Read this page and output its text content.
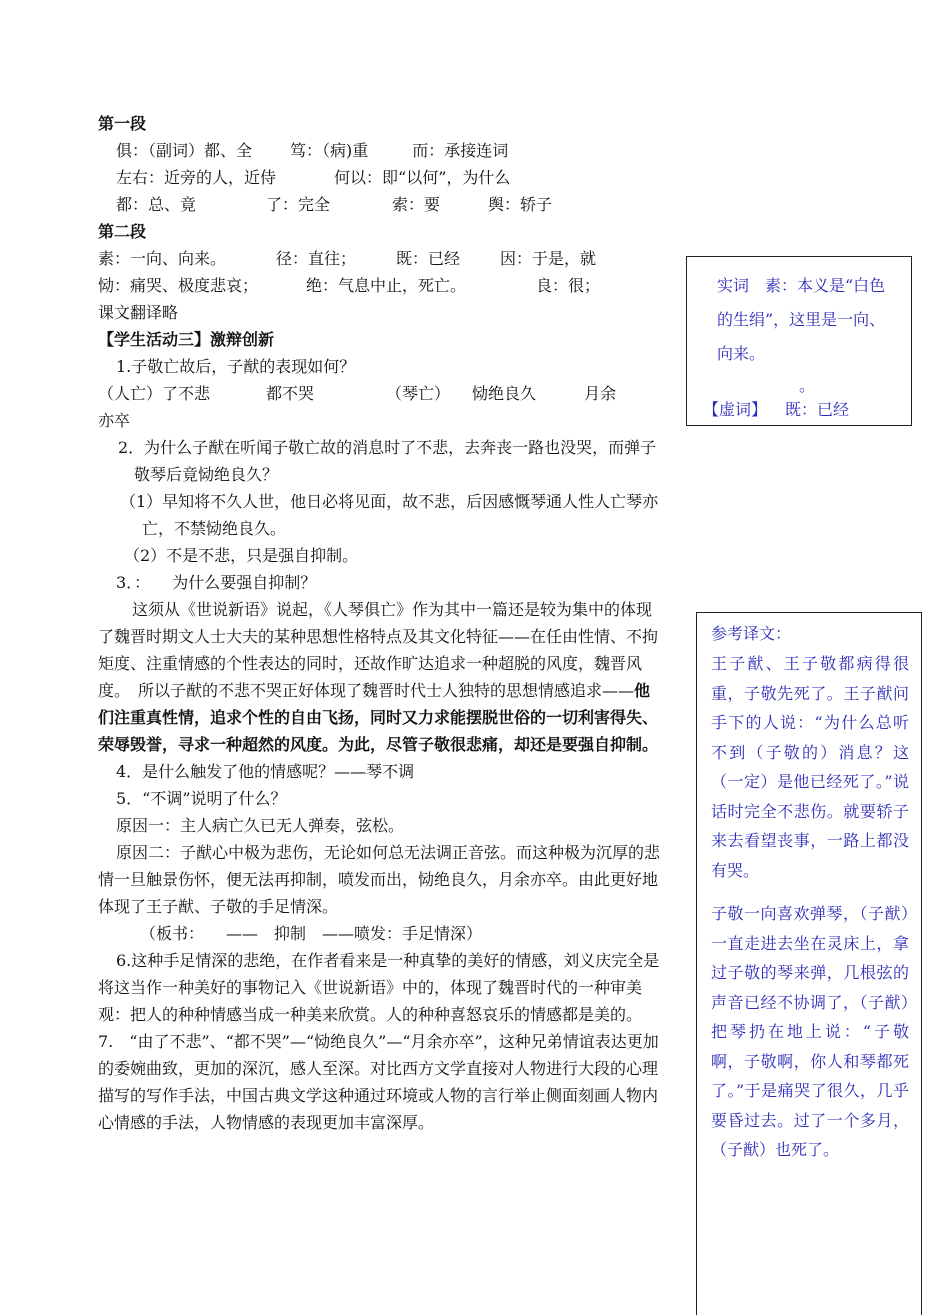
第一段

俱：（副词）都、全 笃：（病)重	而：承接连词

左右：近旁的人，近侍	何以：即“以何”，为什么

都：总、竟	了：完全	索：要	舆：轿子

第二段

素：一向、向来。	径：直往；	既：已经	因：于是，就

恸：痛哭、极度悲哀；	绝：气息中止，死亡。	良：很；

课文翻译略

【学生活动三】激辩创新

1.子敬亡故后，子猷的表现如何？

（人亡）了不悲	都不哭	（琴亡） 恸绝良久	月余

亦卒

2．为什么子猷在听闻子敬亡故的消息时了不悲，去奔丧一路也没哭，而弹子敬琴后竟恸绝良久？

（1）早知将不久人世，他日必将见面，故不悲，后因感慨琴通人性人亡琴亦亡，不禁恸绝良久。

（2）不是不悲，只是强自抑制。

3．： 为什么要强自抑制？

这须从《世说新语》说起，《人琴俱亡》作为其中一篇还是较为集中的体现了魏晋时期文人士大夫的某种思想性格特点及其文化特征——在任由性情、不拘矩度、注重情感的个性表达的同时，还故作旷达追求一种超脱的风度，魏晋风度。　所以子猷的不悲不哭正好体现了魏晋时代士人独特的思想情感追求——他们注重真性情，追求个性的自由飞扬，同时又力求能摆脱世俗的一切利害得失、荣辱毁誉，寻求一种超然的风度。为此，尽管子敬很悲痛，却还是要强自抑制。

4．是什么触发了他的情感呢？——琴不调

5．“不调”说明了什么？

原因一：主人病亡久已无人弹奏，弦松。

原因二：子猷心中极为悲伤，无论如何总无法调正音弦。而这种极为沉厚的悲情一旦触景伤怀，便无法再抑制，喷发而出，恸绝良久，月余亦卒。由此更好地体现了王子猷、子敬的手足情深。

（板书： —— 抑制 ——喷发：手足情深）

6.这种手足情深的悲绝，在作者看来是一种真挚的美好的情感，刘义庆完全是将这当作一种美好的事物记入《世说新语》中的，体现了魏晋时代的一种审美观：把人的种种情感当成一种美来欣赏。人的种种喜怒哀乐的情感都是美的。

7.　“由了不悲”、“都不哭”—“恸绝良久”—“月余亦卒”，这种兄弟情谊表达更加的委婉曲致，更加的深沉，感人至深。对比西方文学直接对人物进行大段的心理描写的写作手法，中国古典文学这种通过环境或人物的言行举止侧面刻画人物内心情感的手法，人物情感的表现更加丰富深厚。

实词　素：本义是“白色的生绢”，这里是一向、向来。
。
【虚词】 既：已经
参考译文：

王子猷、王子敬都病得很重，子敬先死了。王子猷问手下的人说：“为什么总听不到（子敬的）消息？这（一定）是他已经死了。”说话时完全不悲伤。就要轿子来去看望丧事，一路上都没有哭。

子敬一向喜欢弹琴，（子猷）一直走进去坐在灵床上，拿过子敬的琴来弹，几根弦的声音已经不协调了，（子猷）把琴扔在地上说：“子敬啊，子敬啊，你人和琴都死了。”于是痛哭了很久，几乎要昏过去。过了一个多月，（子猷）也死了。
